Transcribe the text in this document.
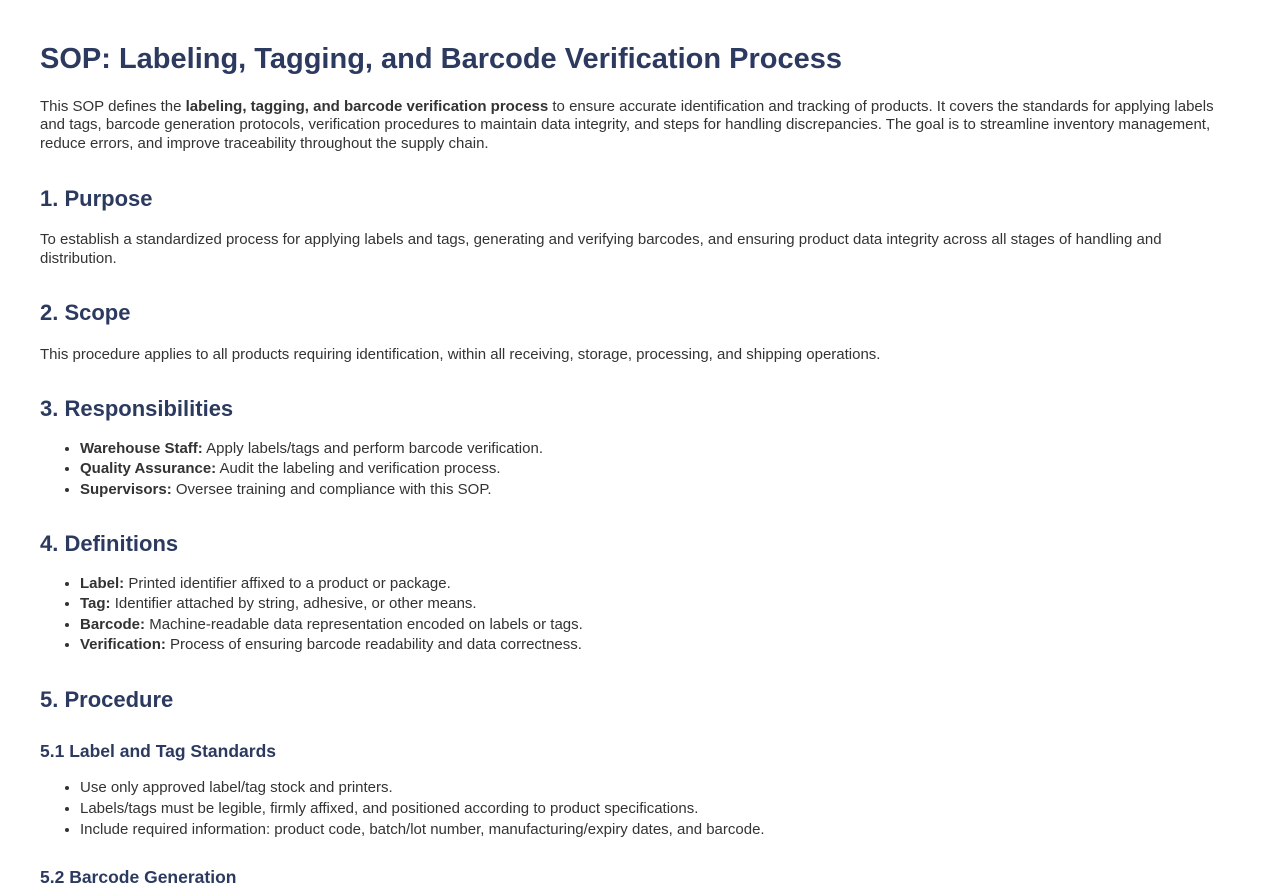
SOP: Labeling, Tagging, and Barcode Verification Process

This SOP defines the labeling, tagging, and barcode verification process to ensure accurate identification and tracking of products. It covers the standards for applying labels and tags, barcode generation protocols, verification procedures to maintain data integrity, and steps for handling discrepancies. The goal is to streamline inventory management, reduce errors, and improve traceability throughout the supply chain.

1. Purpose

To establish a standardized process for applying labels and tags, generating and verifying barcodes, and ensuring product data integrity across all stages of handling and distribution.

2. Scope

This procedure applies to all products requiring identification, within all receiving, storage, processing, and shipping operations.

3. Responsibilities
• Warehouse Staff: Apply labels/tags and perform barcode verification.
• Quality Assurance: Audit the labeling and verification process.
• Supervisors: Oversee training and compliance with this SOP.
4. Definitions
• Label: Printed identifier affixed to a product or package.
• Tag: Identifier attached by string, adhesive, or other means.
• Barcode: Machine-readable data representation encoded on labels or tags.
• Verification: Process of ensuring barcode readability and data correctness.
5. Procedure
5.1 Label and Tag Standards
• Use only approved label/tag stock and printers.
• Labels/tags must be legible, firmly affixed, and positioned according to product specifications.
• Include required information: product code, batch/lot number, manufacturing/expiry dates, and barcode.
5.2 Barcode Generation
